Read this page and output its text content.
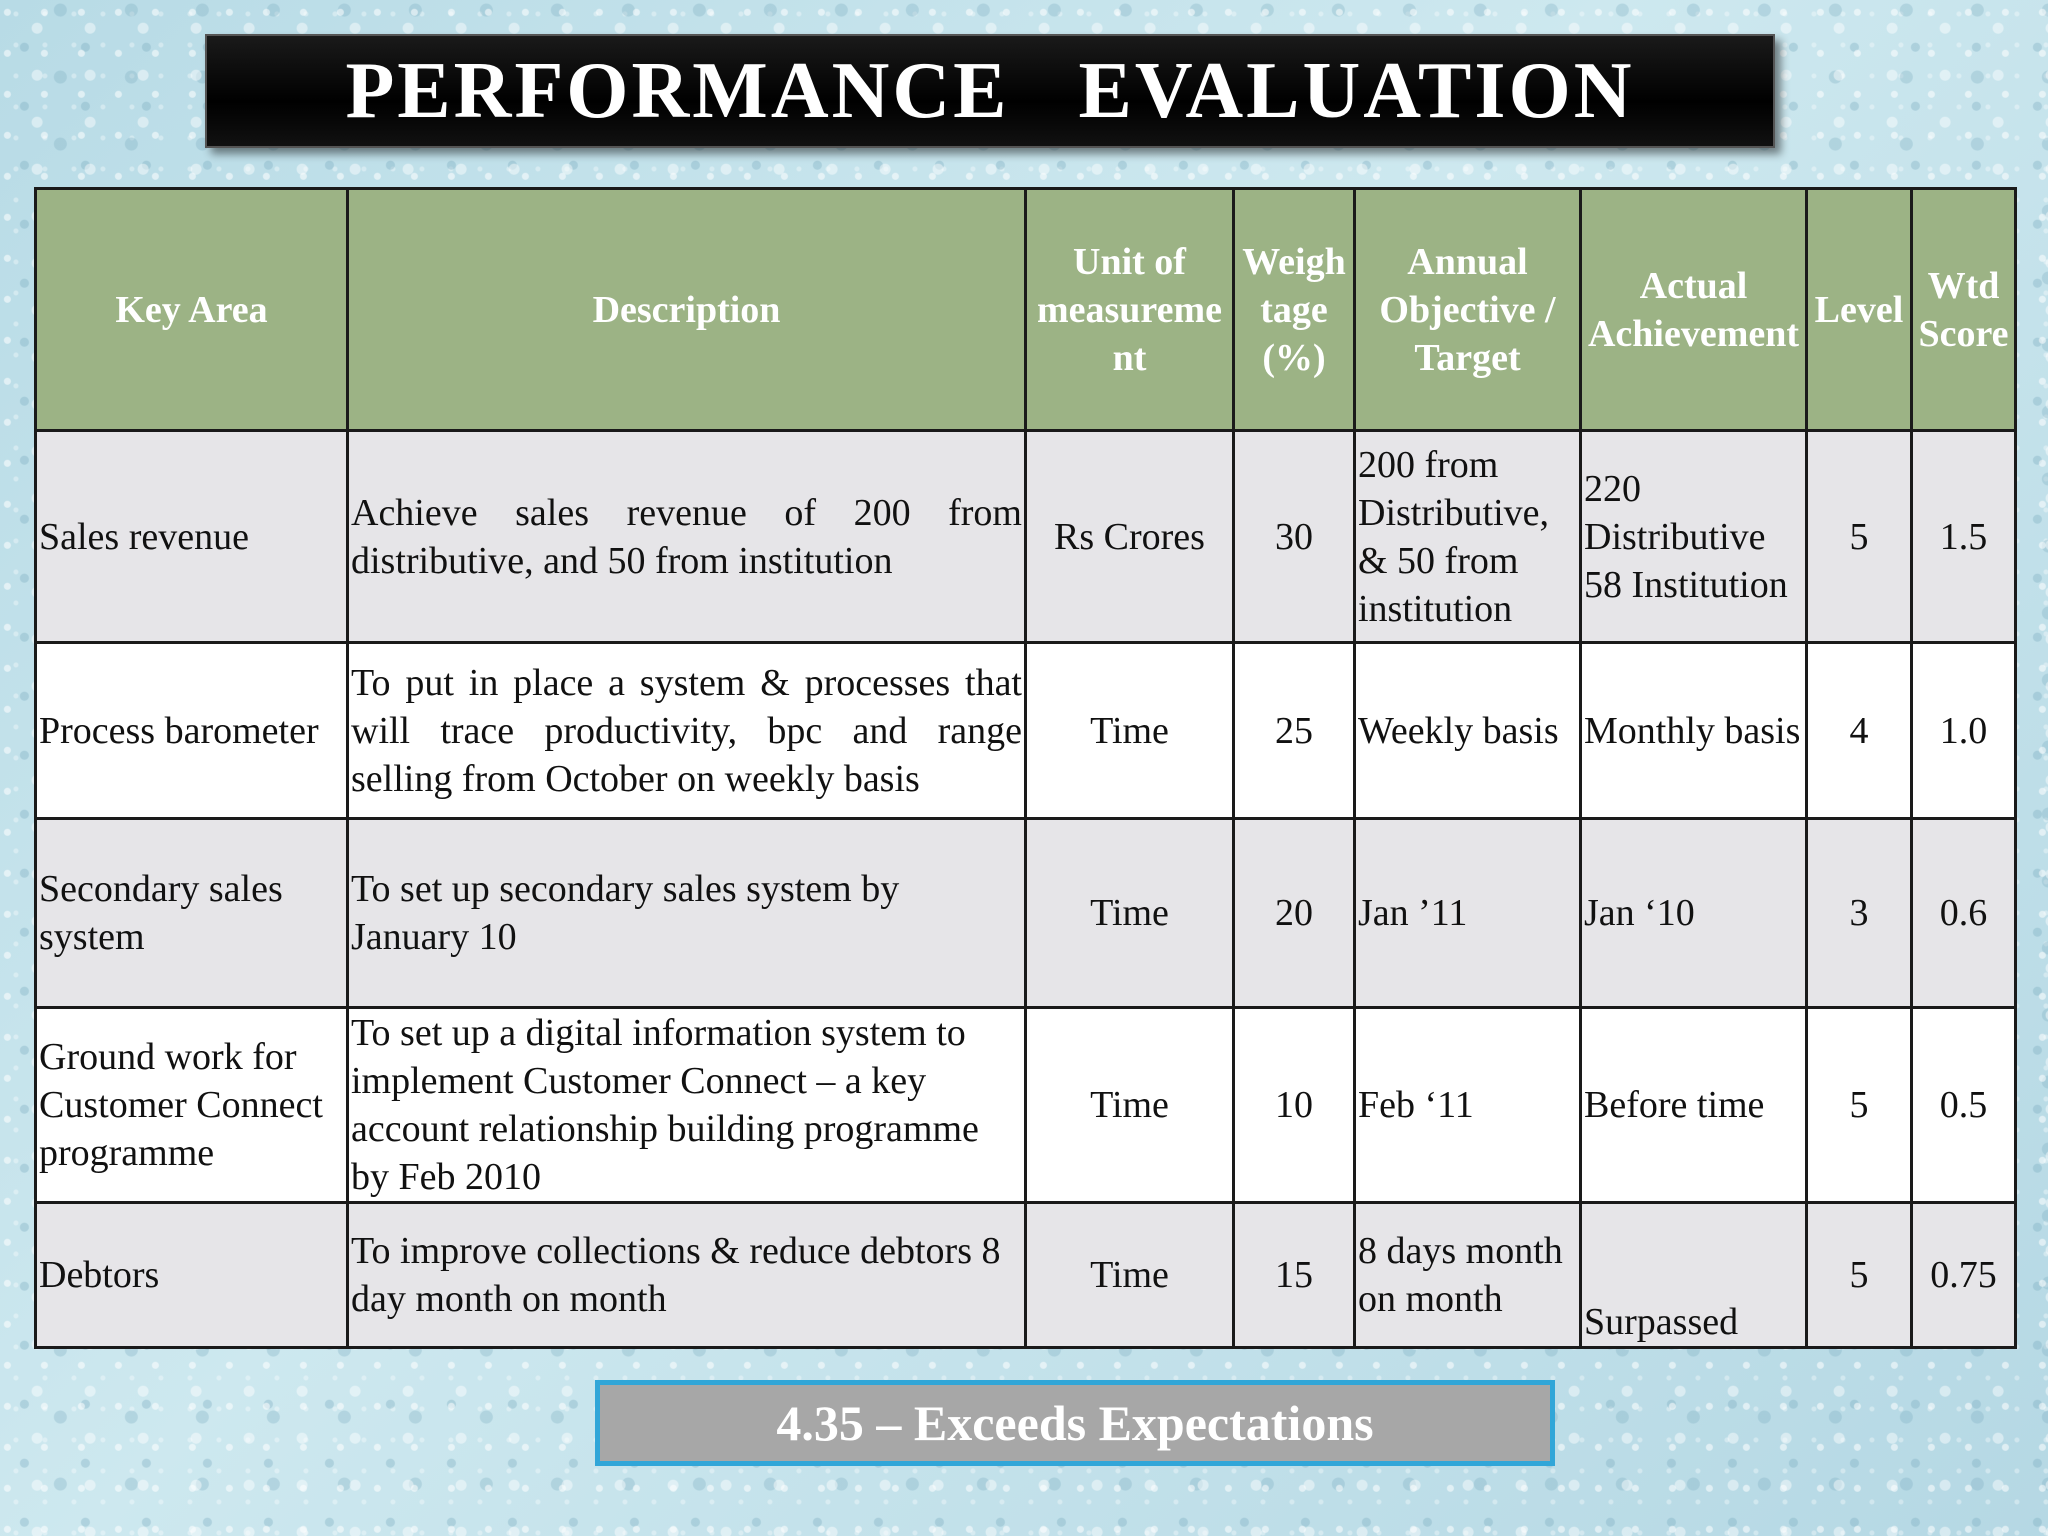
PERFORMANCE   EVALUATION
Key Area	Description	Unit of measureme nt	Weigh tage (%)	Annual Objective / Target	Actual Achievement	Level	Wtd Score
Sales revenue	Achieve sales revenue of 200 from distributive, and 50 from institution	Rs Crores	30	200 from Distributive, & 50 from institution	220 Distributive 58 Institution	5	1.5
Process barometer	To put in place a system & processes that will trace productivity, bpc and range selling from October on weekly basis	Time	25	Weekly basis	Monthly basis	4	1.0
Secondary sales system	To set up secondary sales system by January 10	Time	20	Jan ’11	Jan ‘10	3	0.6
Ground work for Customer Connect programme	To set up a digital information system to implement Customer Connect – a key account relationship building programme by Feb 2010	Time	10	Feb ‘11	Before time	5	0.5
Debtors	To improve collections & reduce debtors 8 day month on month	Time	15	8 days month on month	Surpassed	5	0.75
4.35 – Exceeds Expectations
